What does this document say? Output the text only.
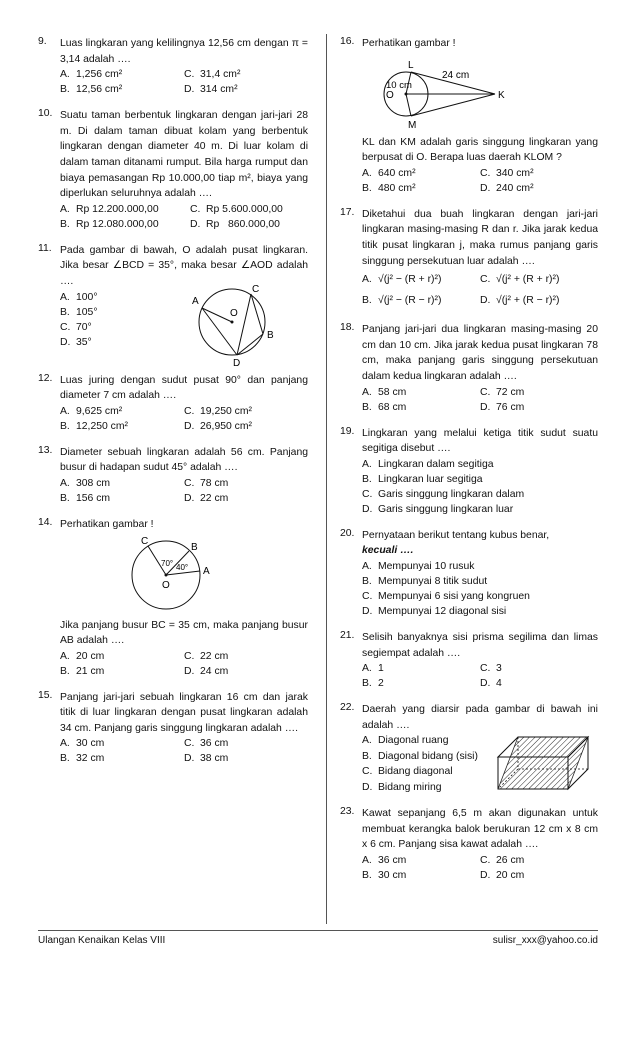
9.	Luas lingkaran yang kelilingnya 12,56 cm dengan π = 3,14 adalah ….
A. 1,256 cm²	C. 31,4 cm²
B. 12,56 cm²	D. 314 cm²
10. Suatu taman berbentuk lingkaran dengan jari-jari 28 m. Di dalam taman dibuat kolam yang berbentuk lingkaran dengan diameter 40 m. Di luar kolam di dalam taman ditanami rumput. Bila harga rumput dan biaya pemasangan Rp 10.000,00 tiap m², biaya yang diperlukan seluruhnya adalah ….
A. Rp 12.200.000,00	C. Rp 5.600.000,00
B. Rp 12.080.000,00	D. Rp   860.000,00
11. Pada gambar di bawah, O adalah pusat lingkaran. Jika besar ∠BCD = 35°, maka besar ∠AOD adalah ….
A. 100°
B. 105°
C. 70°
D. 35°
A
C
O
B
D
12. Luas juring dengan sudut pusat 90° dan panjang diameter 7 cm adalah ….
A. 9,625 cm²	C. 19,250 cm²
B. 12,250 cm²	D. 26,950 cm²
13. Diameter sebuah lingkaran adalah 56 cm. Panjang busur di hadapan sudut 45° adalah ….
A. 308 cm	C. 78 cm
B. 156 cm	D. 22 cm
14. Perhatikan gambar !
C
B
A
O
70° 40°
Jika panjang busur BC = 35 cm, maka panjang busur AB adalah ….
A. 20 cm	C. 22 cm
B. 21 cm	D. 24 cm
15. Panjang jari-jari sebuah lingkaran 16 cm dan jarak titik di luar lingkaran dengan pusat lingkaran adalah 34 cm. Panjang garis singgung lingkaran adalah ….
A. 30 cm	C. 36 cm
B. 32 cm	D. 38 cm
16. Perhatikan gambar !
L
M
K
O
10 cm
24 cm
KL dan KM adalah garis singgung lingkaran yang berpusat di O. Berapa luas daerah KLOM ?
A. 640 cm²	C. 340 cm²
B. 480 cm²	D. 240 cm²
17. Diketahui dua buah lingkaran dengan jari-jari lingkaran masing-masing R dan r. Jika jarak kedua titik pusat lingkaran j, maka rumus panjang garis singgung persekutuan luar adalah ….
A. √(j² − (R + r)²)	C. √(j² + (R + r)²)
B. √(j² − (R − r)²)	D. √(j² + (R − r)²)
18. Panjang jari-jari dua lingkaran masing-masing 20 cm dan 10 cm. Jika jarak kedua pusat lingkaran 78 cm, maka panjang garis singgung persekutuan dalam kedua lingkaran adalah ….
A. 58 cm	C. 72 cm
B. 68 cm	D. 76 cm
19. Lingkaran yang melalui ketiga titik sudut suatu segitiga disebut ….
A. Lingkaran dalam segitiga
B. Lingkaran luar segitiga
C. Garis singgung lingkaran dalam
D. Garis singgung lingkaran luar
20. Pernyataan berikut tentang kubus benar,
kecuali ….
A. Mempunyai 10 rusuk
B. Mempunyai 8 titik sudut
C. Mempunyai 6 sisi yang kongruen
D. Mempunyai 12 diagonal sisi
21. Selisih banyaknya sisi prisma segilima dan limas segiempat adalah ….
A. 1	C. 3
B. 2	D. 4
22. Daerah yang diarsir pada gambar di bawah ini adalah ….
A. Diagonal ruang
B. Diagonal bidang (sisi)
C. Bidang diagonal
D. Bidang miring
23. Kawat sepanjang 6,5 m akan digunakan untuk membuat kerangka balok berukuran 12 cm x 8 cm x 6 cm. Panjang sisa kawat adalah ….
A. 36 cm	C. 26 cm
B. 30 cm	D. 20 cm
Ulangan Kenaikan Kelas VIII	sulisr_xxx@yahoo.co.id
